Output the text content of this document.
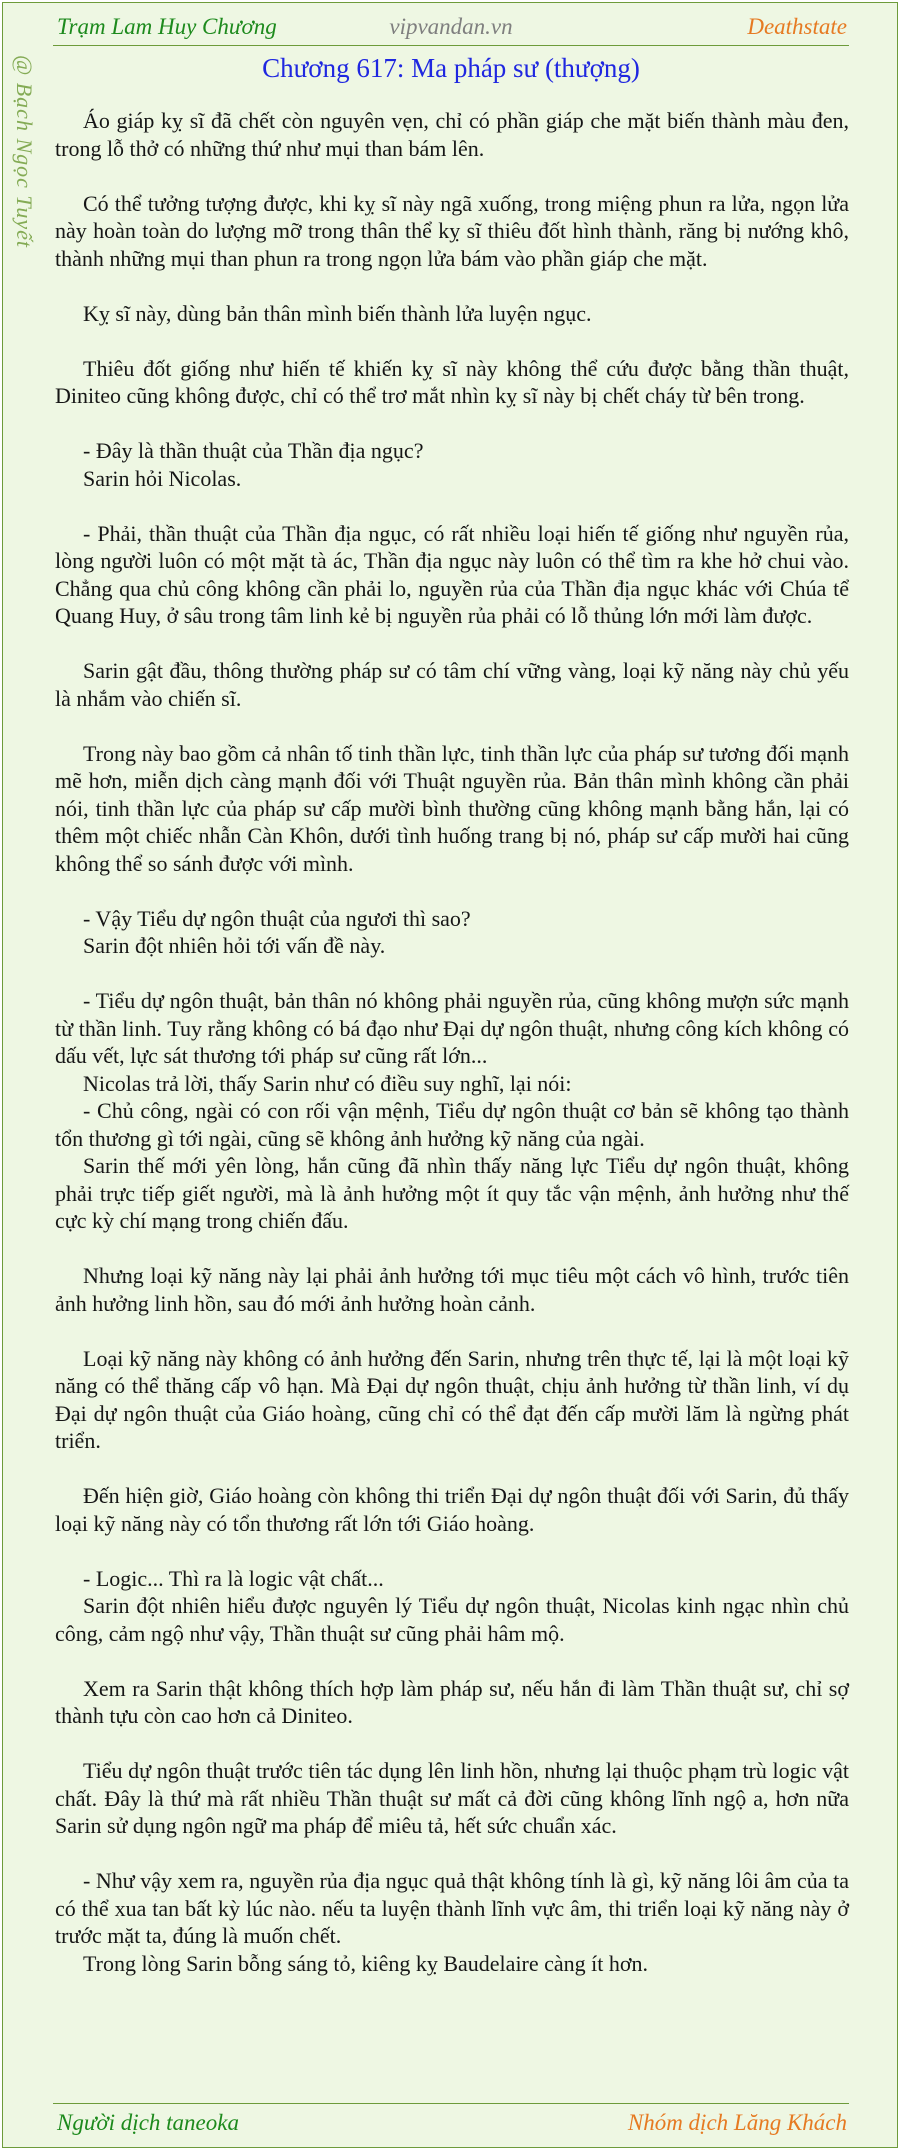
Trạm Lam Huy Chương	vipvandan.vn	Deathstate
@ Bạch Ngọc Tuyết	Chương 617: Ma pháp sư (thượng)

Áo giáp kỵ sĩ đã chết còn nguyên vẹn, chỉ có phần giáp che mặt biến thành màu đen, trong lỗ thở có những thứ như mụi than bám lên.

Có thể tưởng tượng được, khi kỵ sĩ này ngã xuống, trong miệng phun ra lửa, ngọn lửa này hoàn toàn do lượng mỡ trong thân thể kỵ sĩ thiêu đốt hình thành, răng bị nướng khô, thành những mụi than phun ra trong ngọn lửa bám vào phần giáp che mặt.

Kỵ sĩ này, dùng bản thân mình biến thành lửa luyện ngục.

Thiêu đốt giống như hiến tế khiến kỵ sĩ này không thể cứu được bằng thần thuật, Diniteo cũng không được, chỉ có thể trơ mắt nhìn kỵ sĩ này bị chết cháy từ bên trong.

- Đây là thần thuật của Thần địa ngục?

Sarin hỏi Nicolas.

- Phải, thần thuật của Thần địa ngục, có rất nhiều loại hiến tế giống như nguyền rủa, lòng người luôn có một mặt tà ác, Thần địa ngục này luôn có thể tìm ra khe hở chui vào. Chẳng qua chủ công không cần phải lo, nguyền rủa của Thần địa ngục khác với Chúa tể Quang Huy, ở sâu trong tâm linh kẻ bị nguyền rủa phải có lỗ thủng lớn mới làm được.

Sarin gật đầu, thông thường pháp sư có tâm chí vững vàng, loại kỹ năng này chủ yếu là nhắm vào chiến sĩ.

Trong này bao gồm cả nhân tố tinh thần lực, tinh thần lực của pháp sư tương đối mạnh mẽ hơn, miễn dịch càng mạnh đối với Thuật nguyền rủa. Bản thân mình không cần phải nói, tinh thần lực của pháp sư cấp mười bình thường cũng không mạnh bằng hắn, lại có thêm một chiếc nhẫn Càn Khôn, dưới tình huống trang bị nó, pháp sư cấp mười hai cũng không thể so sánh được với mình.

- Vậy Tiểu dự ngôn thuật của ngươi thì sao?

Sarin đột nhiên hỏi tới vấn đề này.

- Tiểu dự ngôn thuật, bản thân nó không phải nguyền rủa, cũng không mượn sức mạnh từ thần linh. Tuy rằng không có bá đạo như Đại dự ngôn thuật, nhưng công kích không có dấu vết, lực sát thương tới pháp sư cũng rất lớn...

Nicolas trả lời, thấy Sarin như có điều suy nghĩ, lại nói:

- Chủ công, ngài có con rối vận mệnh, Tiểu dự ngôn thuật cơ bản sẽ không tạo thành tổn thương gì tới ngài, cũng sẽ không ảnh hưởng kỹ năng của ngài.

Sarin thế mới yên lòng, hắn cũng đã nhìn thấy năng lực Tiểu dự ngôn thuật, không phải trực tiếp giết người, mà là ảnh hưởng một ít quy tắc vận mệnh, ảnh hưởng như thế cực kỳ chí mạng trong chiến đấu.

Nhưng loại kỹ năng này lại phải ảnh hưởng tới mục tiêu một cách vô hình, trước tiên ảnh hưởng linh hồn, sau đó mới ảnh hưởng hoàn cảnh.

Loại kỹ năng này không có ảnh hưởng đến Sarin, nhưng trên thực tế, lại là một loại kỹ năng có thể thăng cấp vô hạn. Mà Đại dự ngôn thuật, chịu ảnh hưởng từ thần linh, ví dụ Đại dự ngôn thuật của Giáo hoàng, cũng chỉ có thể đạt đến cấp mười lăm là ngừng phát triển.

Đến hiện giờ, Giáo hoàng còn không thi triển Đại dự ngôn thuật đối với Sarin, đủ thấy loại kỹ năng này có tổn thương rất lớn tới Giáo hoàng.

- Logic... Thì ra là logic vật chất...

Sarin đột nhiên hiểu được nguyên lý Tiểu dự ngôn thuật, Nicolas kinh ngạc nhìn chủ công, cảm ngộ như vậy, Thần thuật sư cũng phải hâm mộ.

Xem ra Sarin thật không thích hợp làm pháp sư, nếu hắn đi làm Thần thuật sư, chỉ sợ thành tựu còn cao hơn cả Diniteo.

Tiểu dự ngôn thuật trước tiên tác dụng lên linh hồn, nhưng lại thuộc phạm trù logic vật chất. Đây là thứ mà rất nhiều Thần thuật sư mất cả đời cũng không lĩnh ngộ a, hơn nữa Sarin sử dụng ngôn ngữ ma pháp để miêu tả, hết sức chuẩn xác.

- Như vậy xem ra, nguyền rủa địa ngục quả thật không tính là gì, kỹ năng lôi âm của ta có thể xua tan bất kỳ lúc nào. nếu ta luyện thành lĩnh vực âm, thi triển loại kỹ năng này ở trước mặt ta, đúng là muốn chết.

Trong lòng Sarin bỗng sáng tỏ, kiêng kỵ Baudelaire càng ít hơn.

Người dịch taneoka	Nhóm dịch Lăng Khách
